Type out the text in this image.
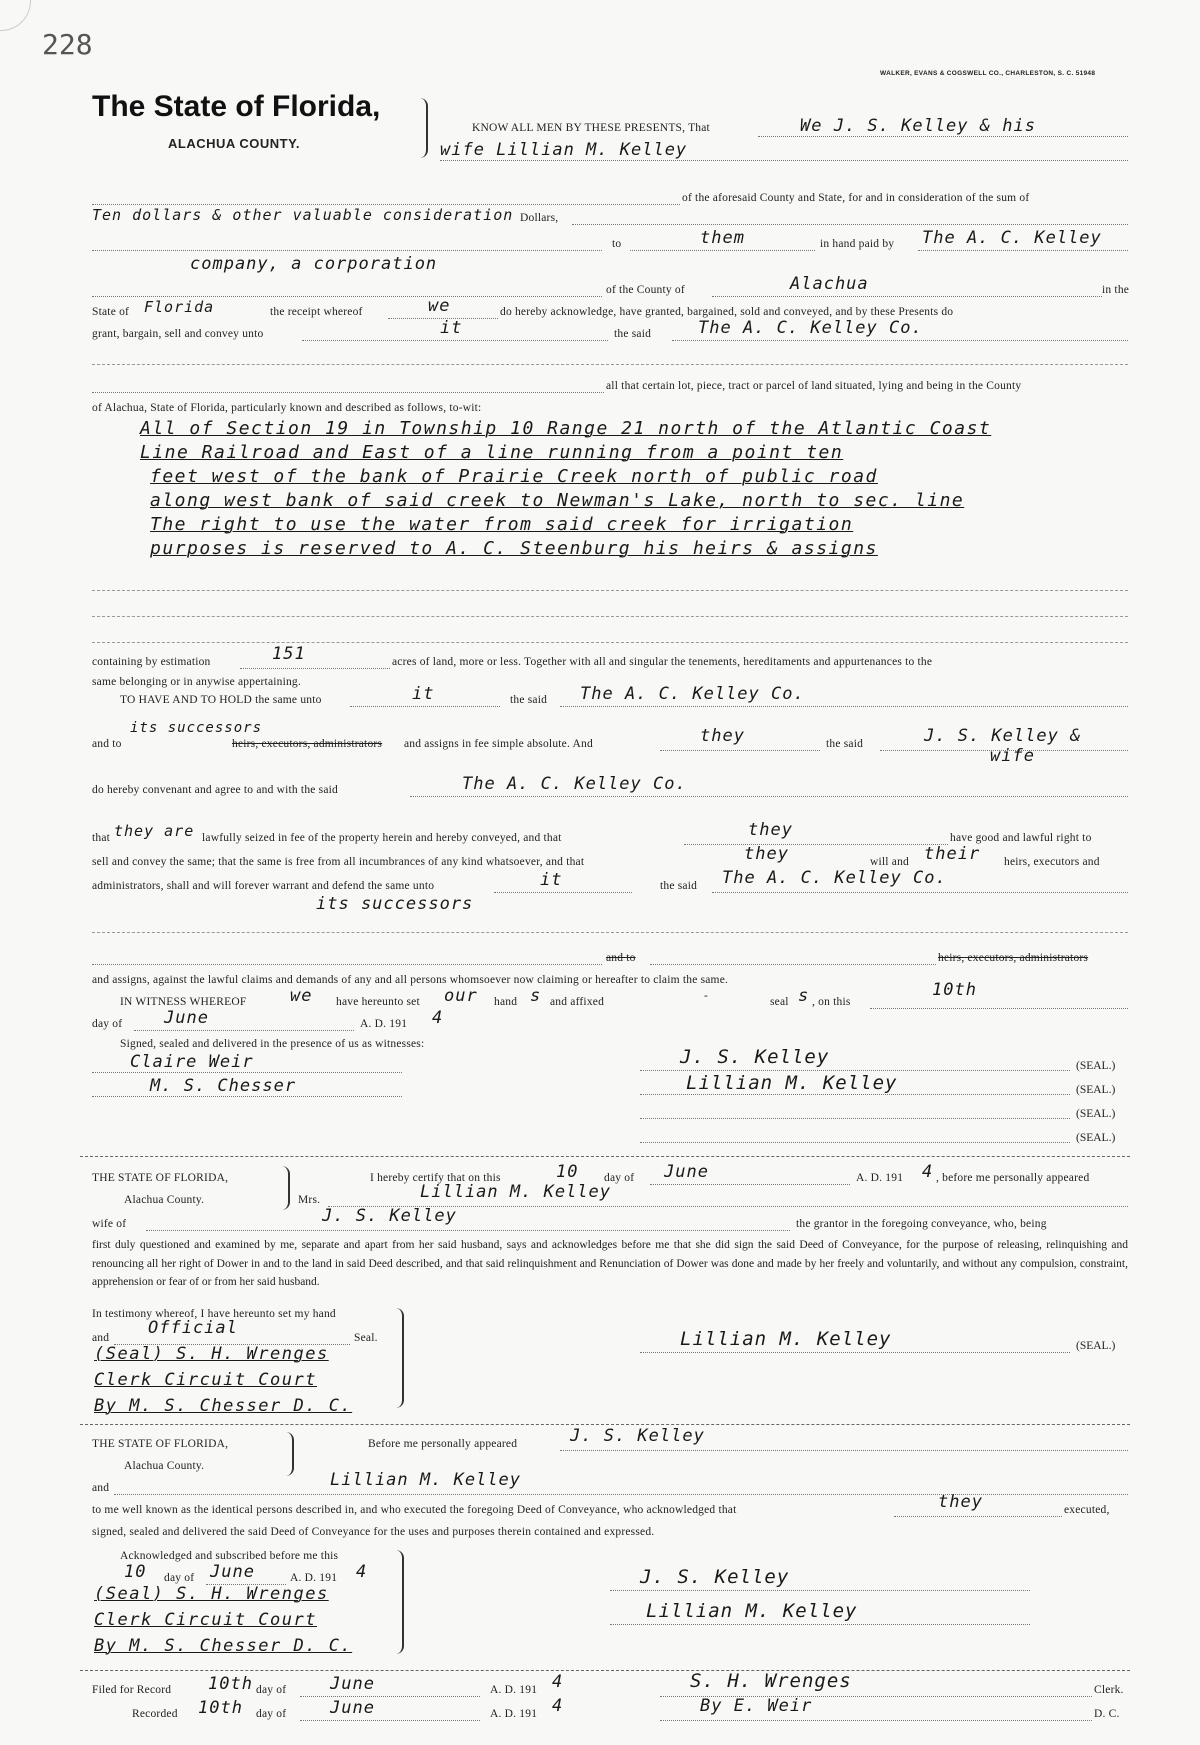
228
WALKER, EVANS & COGSWELL CO., CHARLESTON, S. C. 51948
The State of Florida,
ALACHUA COUNTY.
KNOW ALL MEN BY THESE PRESENTS, That	We J. S. Kelley & his
wife Lillian M. Kelley
of the aforesaid County and State, for and in consideration of the sum of
Ten dollars & other valuable consideration Dollars,
to	them	in hand paid by The A. C. Kelley
company, a corporation
of the County of	Alachua	in the
State of Florida	the receipt whereof	we	do hereby acknowledge, have granted, bargained, sold and conveyed, and by these Presents do
grant, bargain, sell and convey unto	it	the said	The A. C. Kelley Co.
all that certain lot, piece, tract or parcel of land situated, lying and being in the County
of Alachua, State of Florida, particularly known and described as follows, to-wit:
All of Section 19 in Township 10 Range 21 north of the Atlantic Coast
Line Railroad and East of a line running from a point ten
feet west of the bank of Prairie Creek north of public road
along west bank of said creek to Newman's Lake, north to sec. line
The right to use the water from said creek for irrigation
purposes is reserved to A. C. Steenburg his heirs & assigns
containing by estimation	151	acres of land, more or less. Together with all and singular the tenements, hereditaments and appurtenances to the
same belonging or in anywise appertaining.
TO HAVE AND TO HOLD the same unto	it	the said The A. C. Kelley Co.
and to
its successors
heirs, executors, administrators and assigns in fee simple absolute. And	they	the said	J. S. Kelley &
wife
do hereby convenant and agree to and with the said	The A. C. Kelley Co.
that they are lawfully seized in fee of the property herein and hereby conveyed, and that	they	have good and lawful right to
sell and convey the same; that the same is free from all incumbrances of any kind whatsoever, and that	they	will and their heirs, executors and
administrators, shall and will forever warrant and defend the same unto	it	the said The A. C. Kelley Co.
its successors
and to	heirs, executors, administrators
and assigns, against the lawful claims and demands of any and all persons whomsoever now claiming or hereafter to claim the same.
IN WITNESS WHEREOF	we have hereunto set our hand s and affixed	-	seal s , on this
10th
day of June	A. D. 191 4
Signed, sealed and delivered in the presence of us as witnesses:
Claire Weir
M. S. Chesser
J. S. Kelley	(SEAL.)
Lillian M. Kelley	(SEAL.)
(SEAL.)
(SEAL.)
THE STATE OF FLORIDA,
Alachua County.
I hereby certify that on this	10 day of June	A. D. 191 4 , before me personally appeared
Mrs.	Lillian M. Kelley
wife of	J. S. Kelley	the grantor in the foregoing conveyance, who, being
first duly questioned and examined by me, separate and apart from her said husband, says and acknowledges before me that she did sign the said Deed of Conveyance, for the purpose of releasing, relinquishing and renouncing all her right of Dower in and to the land in said Deed described, and that said relinquishment and Renunciation of Dower was done and made by her freely and voluntarily, and without any compulsion, constraint, apprehension or fear of or from her said husband.
In testimony whereof, I have hereunto set my hand
and Official	Seal.
(Seal) S. H. Wrenges
Clerk Circuit Court
By M. S. Chesser D. C.
Lillian M. Kelley	(SEAL.)
THE STATE OF FLORIDA,
Alachua County.
Before me personally appeared	J. S. Kelley
and	Lillian M. Kelley
to me well known as the identical persons described in, and who executed the foregoing Deed of Conveyance, who acknowledged that	they	executed,
signed, sealed and delivered the said Deed of Conveyance for the uses and purposes therein contained and expressed.
Acknowledged and subscribed before me this
10 day of June	A. D. 191 4
(Seal) S. H. Wrenges
Clerk Circuit Court
By M. S. Chesser D. C.
J. S. Kelley
Lillian M. Kelley
Filed for Record 10th day of	June	A. D. 191 4	S. H. Wrenges	Clerk.
Recorded 10th day of	June	A. D. 191 4	By E. Weir	D. C.
